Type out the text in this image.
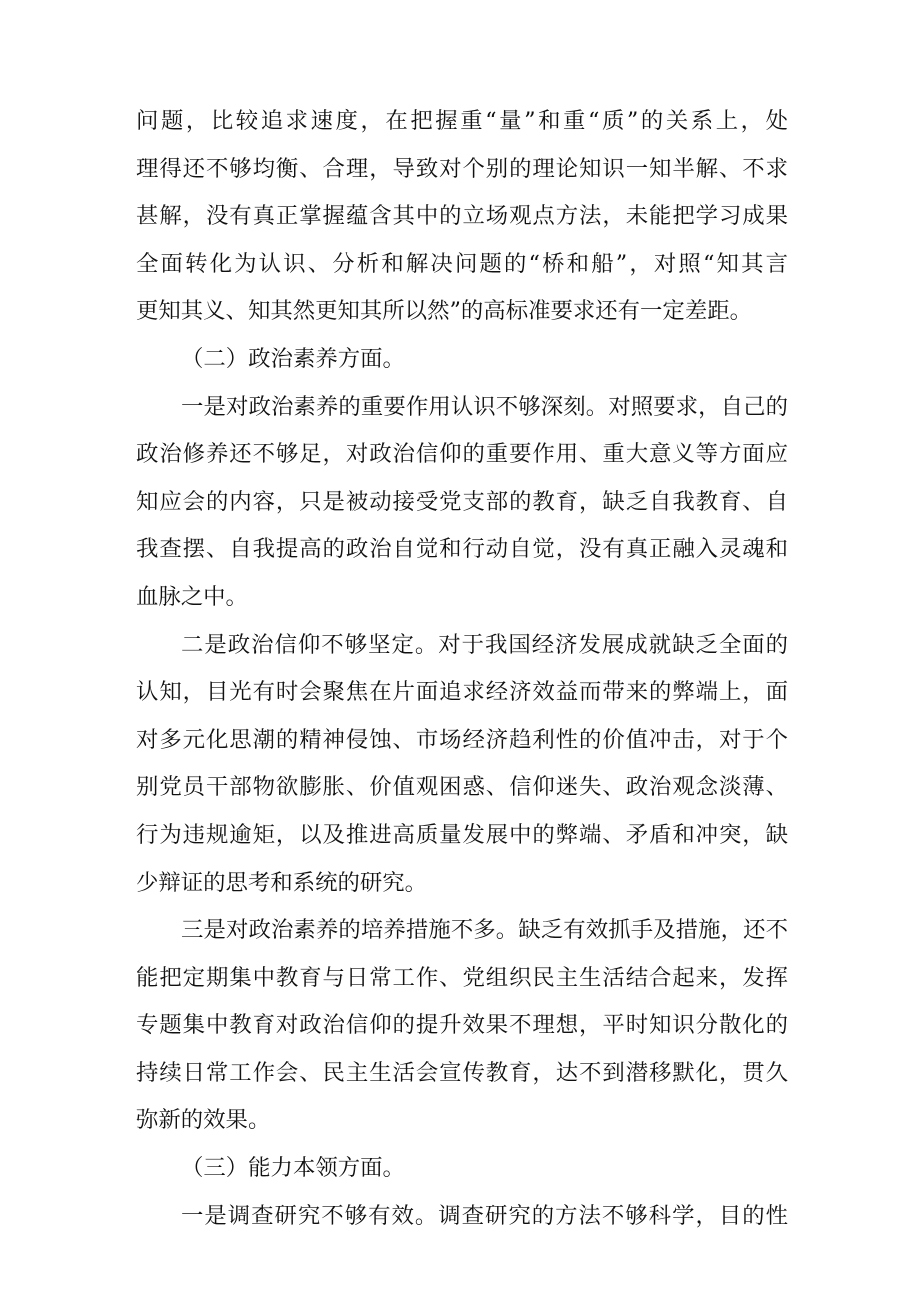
问题，比较追求速度，在把握重“量”和重“质”的关系上，处
理得还不够均衡、合理，导致对个别的理论知识一知半解、不求
甚解，没有真正掌握蕴含其中的立场观点方法，未能把学习成果
全面转化为认识、分析和解决问题的“桥和船”，对照“知其言
更知其义、知其然更知其所以然”的高标准要求还有一定差距。
（二）政治素养方面。
一是对政治素养的重要作用认识不够深刻。对照要求，自己的
政治修养还不够足，对政治信仰的重要作用、重大意义等方面应
知应会的内容，只是被动接受党支部的教育，缺乏自我教育、自
我查摆、自我提高的政治自觉和行动自觉，没有真正融入灵魂和
血脉之中。
二是政治信仰不够坚定。对于我国经济发展成就缺乏全面的
认知，目光有时会聚焦在片面追求经济效益而带来的弊端上，面
对多元化思潮的精神侵蚀、市场经济趋利性的价值冲击，对于个
别党员干部物欲膨胀、价值观困惑、信仰迷失、政治观念淡薄、
行为违规逾矩，以及推进高质量发展中的弊端、矛盾和冲突，缺
少辩证的思考和系统的研究。
三是对政治素养的培养措施不多。缺乏有效抓手及措施，还不
能把定期集中教育与日常工作、党组织民主生活结合起来，发挥
专题集中教育对政治信仰的提升效果不理想，平时知识分散化的
持续日常工作会、民主生活会宣传教育，达不到潜移默化，贯久
弥新的效果。
（三）能力本领方面。
一是调查研究不够有效。调查研究的方法不够科学，目的性
